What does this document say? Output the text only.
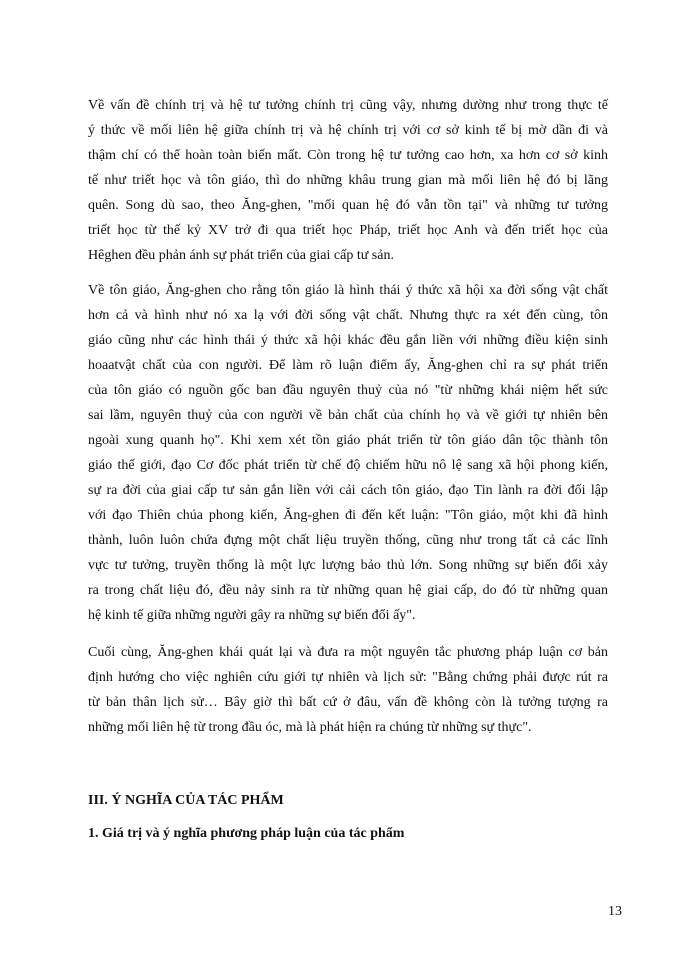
Về vấn đề chính trị và hệ tư tưởng chính trị cũng vậy, nhưng dường như trong thực tế
ý thức về mối liên hệ giữa chính trị và hệ chính trị với cơ sở kinh tế bị mờ dần đi và
thậm chí có thể hoàn toàn biến mất. Còn trong hệ tư tưởng cao hơn, xa hơn cơ sở kinh
tế như triết học và tôn giáo, thì do những khâu trung gian mà mối liên hệ đó bị lãng
quên. Song dù sao, theo Ăng-ghen, "mối quan hệ đó vẫn tồn tại" và những tư tưởng
triết học từ thế kỷ XV trở đi qua triết học Pháp, triết học Anh và đến triết học của
Hêghen đều phản ánh sự phát triển của giai cấp tư sản.
Về tôn giáo, Ăng-ghen cho rằng tôn giáo là hình thái ý thức xã hội xa đời sống vật chất
hơn cả và hình như nó xa lạ với đời sống vật chất. Nhưng thực ra xét đến cùng, tôn
giáo cũng như các hình thái ý thức xã hội khác đều gắn liền với những điều kiện sinh
hoaatvật chất của con người. Để làm rõ luận điểm ấy, Ăng-ghen chỉ ra sự phát triển
của tôn giáo có nguồn gốc ban đầu nguyên thuỷ của nó "từ những khái niệm hết sức
sai lầm, nguyên thuỷ của con người về bản chất của chính họ và về giới tự nhiên bên
ngoài xung quanh họ". Khi xem xét tồn giáo phát triển từ tôn giáo dân tộc thành tôn
giáo thế giới, đạo Cơ đốc phát triển từ chế độ chiếm hữu nô lệ sang xã hội phong kiến,
sự ra đời của giai cấp tư sản gắn liền với cải cách tôn giáo, đạo Tin lành ra đời đối lập
với đạo Thiên chúa phong kiến, Ăng-ghen đi đến kết luận: "Tôn giáo, một khi đã hình
thành, luôn luôn chứa đựng một chất liệu truyền thống, cũng như trong tất cả các lĩnh
vực tư tưởng, truyền thống là một lực lượng bảo thủ lớn. Song những sự biến đổi xảy
ra trong chất liệu đó, đều nảy sinh ra từ những quan hệ giai cấp, do đó từ những quan
hệ kinh tế giữa những người gây ra những sự biến đổi ấy".
Cuối cùng, Ăng-ghen khái quát lại và đưa ra một nguyên tắc phương pháp luận cơ bản
định hướng cho việc nghiên cứu giới tự nhiên và lịch sử: "Bằng chứng phải được rút ra
từ bản thân lịch sử… Bây giờ thì bất cứ ở đâu, vấn đề không còn là tưởng tượng ra
những mối liên hệ từ trong đầu óc, mà là phát hiện ra chúng từ những sự thực".
III. Ý NGHĨA CỦA TÁC PHẨM
1. Giá trị và ý nghĩa phương pháp luận của tác phẩm
13
